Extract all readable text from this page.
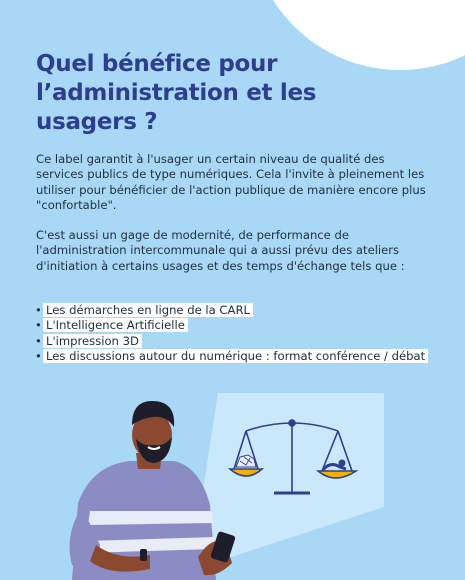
Quel bénéfice pour l’administration et les usagers ?

Ce label garantit à l'usager un certain niveau de qualité des services publics de type numériques. Cela l'invite à pleinement les utiliser pour bénéficier de l'action publique de manière encore plus "confortable".

C'est aussi un gage de modernité, de performance de l'administration intercommunale qui a aussi prévu des ateliers d'initiation à certains usages et des temps d'échange tels que :

• Les démarches en ligne de la CARL
• L'Intelligence Artificielle
• L'impression 3D
• Les discussions autour du numérique : format conférence / débat
